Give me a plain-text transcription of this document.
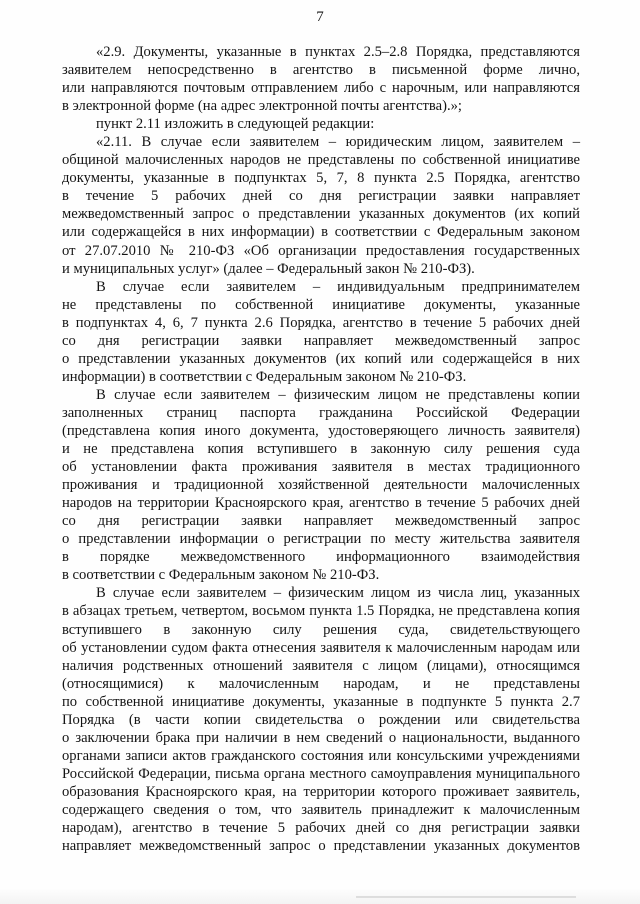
7
«2.9. Документы, указанные в пунктах 2.5–2.8 Порядка, представляются
заявителем непосредственно в агентство в письменной форме лично,
или направляются почтовым отправлением либо с нарочным, или направляются
в электронной форме (на адрес электронной почты агентства).»;
пункт 2.11 изложить в следующей редакции:
«2.11. В случае если заявителем – юридическим лицом, заявителем –
общиной малочисленных народов не представлены по собственной инициативе
документы, указанные в подпунктах 5, 7, 8 пункта 2.5 Порядка, агентство
в течение 5 рабочих дней со дня регистрации заявки направляет
межведомственный запрос о представлении указанных документов (их копий
или содержащейся в них информации) в соответствии с Федеральным законом
от 27.07.2010 № 210-ФЗ «Об организации предоставления государственных
и муниципальных услуг» (далее – Федеральный закон № 210-ФЗ).
В случае если заявителем – индивидуальным предпринимателем
не представлены по собственной инициативе документы, указанные
в подпунктах 4, 6, 7 пункта 2.6 Порядка, агентство в течение 5 рабочих дней
со дня регистрации заявки направляет межведомственный запрос
о представлении указанных документов (их копий или содержащейся в них
информации) в соответствии с Федеральным законом № 210-ФЗ.
В случае если заявителем – физическим лицом не представлены копии
заполненных страниц паспорта гражданина Российской Федерации
(представлена копия иного документа, удостоверяющего личность заявителя)
и не представлена копия вступившего в законную силу решения суда
об установлении факта проживания заявителя в местах традиционного
проживания и традиционной хозяйственной деятельности малочисленных
народов на территории Красноярского края, агентство в течение 5 рабочих дней
со дня регистрации заявки направляет межведомственный запрос
о представлении информации о регистрации по месту жительства заявителя
в порядке межведомственного информационного взаимодействия
в соответствии с Федеральным законом № 210-ФЗ.
В случае если заявителем – физическим лицом из числа лиц, указанных
в абзацах третьем, четвертом, восьмом пункта 1.5 Порядка, не представлена копия
вступившего в законную силу решения суда, свидетельствующего
об установлении судом факта отнесения заявителя к малочисленным народам или
наличия родственных отношений заявителя с лицом (лицами), относящимся
(относящимися) к малочисленным народам, и не представлены
по собственной инициативе документы, указанные в подпункте 5 пункта 2.7
Порядка (в части копии свидетельства о рождении или свидетельства
о заключении брака при наличии в нем сведений о национальности, выданного
органами записи актов гражданского состояния или консульскими учреждениями
Российской Федерации, письма органа местного самоуправления муниципального
образования Красноярского края, на территории которого проживает заявитель,
содержащего сведения о том, что заявитель принадлежит к малочисленным
народам), агентство в течение 5 рабочих дней со дня регистрации заявки
направляет межведомственный запрос о представлении указанных документов
